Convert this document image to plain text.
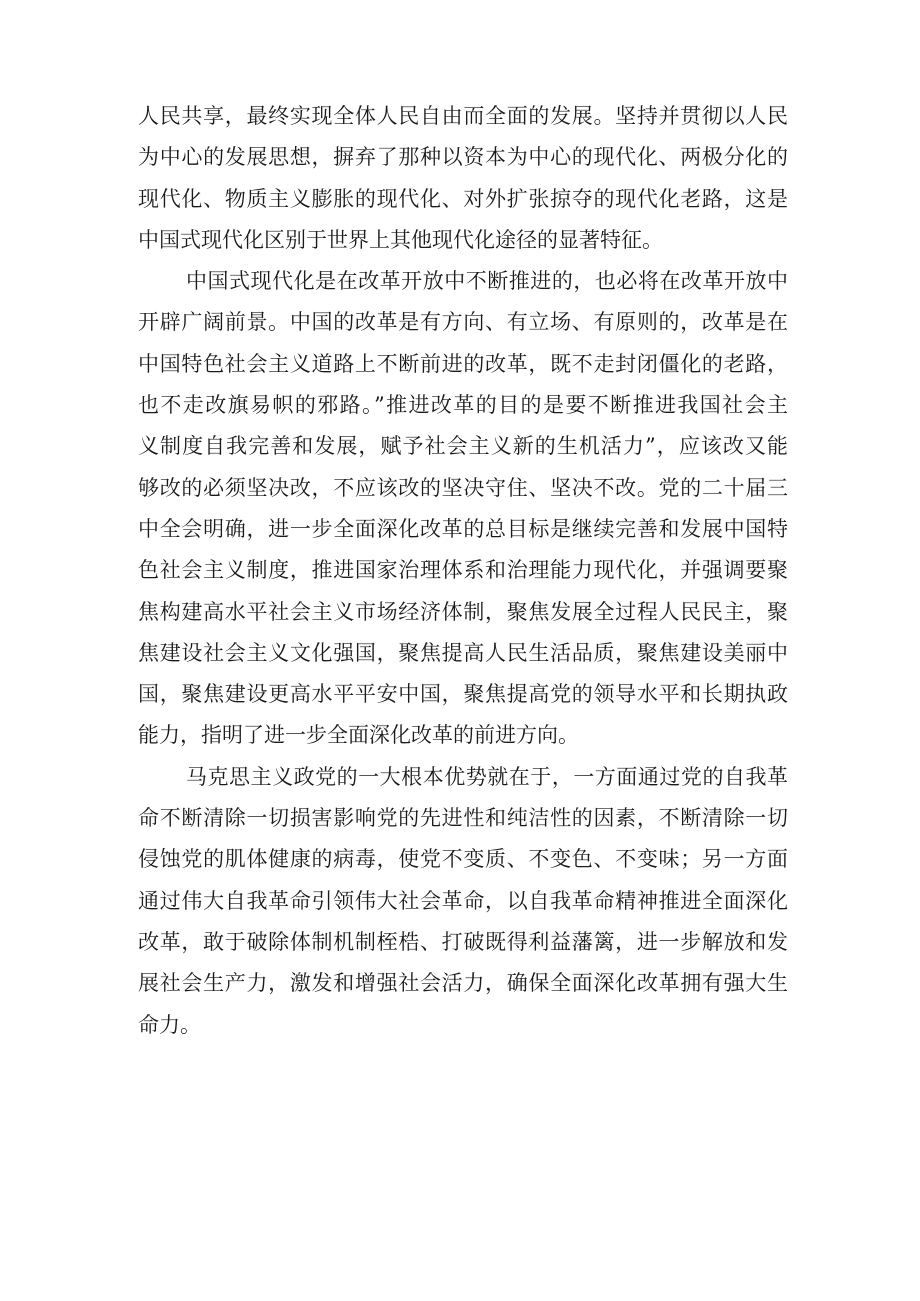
人民共享，最终实现全体人民自由而全面的发展。坚持并贯彻以人民
为中心的发展思想，摒弃了那种以资本为中心的现代化、两极分化的
现代化、物质主义膨胀的现代化、对外扩张掠夺的现代化老路，这是
中国式现代化区别于世界上其他现代化途径的显著特征。
中国式现代化是在改革开放中不断推进的，也必将在改革开放中
开辟广阔前景。中国的改革是有方向、有立场、有原则的，改革是在
中国特色社会主义道路上不断前进的改革，既不走封闭僵化的老路，
也不走改旗易帜的邪路。”推进改革的目的是要不断推进我国社会主
义制度自我完善和发展，赋予社会主义新的生机活力”，应该改又能
够改的必须坚决改，不应该改的坚决守住、坚决不改。党的二十届三
中全会明确，进一步全面深化改革的总目标是继续完善和发展中国特
色社会主义制度，推进国家治理体系和治理能力现代化，并强调要聚
焦构建高水平社会主义市场经济体制，聚焦发展全过程人民民主，聚
焦建设社会主义文化强国，聚焦提高人民生活品质，聚焦建设美丽中
国，聚焦建设更高水平平安中国，聚焦提高党的领导水平和长期执政
能力，指明了进一步全面深化改革的前进方向。
马克思主义政党的一大根本优势就在于，一方面通过党的自我革
命不断清除一切损害影响党的先进性和纯洁性的因素，不断清除一切
侵蚀党的肌体健康的病毒，使党不变质、不变色、不变味；另一方面
通过伟大自我革命引领伟大社会革命，以自我革命精神推进全面深化
改革，敢于破除体制机制桎梏、打破既得利益藩篱，进一步解放和发
展社会生产力，激发和增强社会活力，确保全面深化改革拥有强大生
命力。
